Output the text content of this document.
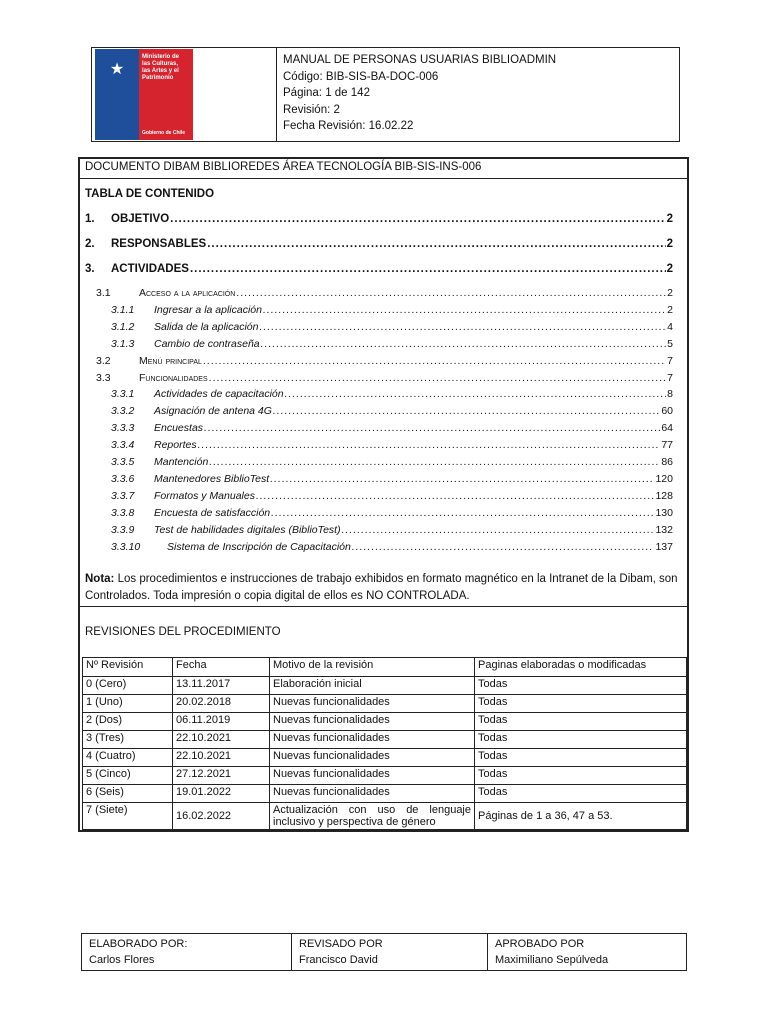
★
Ministerio de
las Culturas,
las Artes y el
Patrimonio
Gobierno de Chile
MANUAL DE PERSONAS USUARIAS BIBLIOADMIN
Código: BIB-SIS-BA-DOC-006
Página: 1 de 142
Revisión: 2
Fecha Revisión: 16.02.22
DOCUMENTO DIBAM BIBLIOREDES ÁREA TECNOLOGÍA BIB-SIS-INS-006
TABLA DE CONTENIDO
1.	OBJETIVO .....	2
2.	RESPONSABLES .....	2
3.	ACTIVIDADES .....	2
Nota: Los procedimientos e instrucciones de trabajo exhibidos en formato magnético en la Intranet de la Dibam, son Controlados. Toda impresión o copia digital de ellos es NO CONTROLADA.
REVISIONES DEL PROCEDIMIENTO
Nº Revisión	Fecha	Motivo de la revisión	Paginas elaboradas o modificadas
0 (Cero)	13.11.2017	Elaboración inicial	Todas
1 (Uno)	20.02.2018	Nuevas funcionalidades	Todas
2 (Dos)	06.11.2019	Nuevas funcionalidades	Todas
3 (Tres)	22.10.2021	Nuevas funcionalidades	Todas
4 (Cuatro)	22.10.2021	Nuevas funcionalidades	Todas
5 (Cinco)	27.12.2021	Nuevas funcionalidades	Todas
6 (Seis)	19.01.2022	Nuevas funcionalidades	Todas
7 (Siete)	16.02.2022	Actualización con uso de lenguaje inclusivo y perspectiva de género	Páginas de 1 a 36, 47 a 53.
3.1	Acceso a la aplicación .....	2
3.1.1	Ingresar a la aplicación .....	2
3.1.2	Salida de la aplicación .....	4
3.1.3	Cambio de contraseña .....	5
3.2	Menú principal .....	7
3.3	Funcionalidades .....	7
3.3.1	Actividades de capacitación .....	8
3.3.2	Asignación de antena 4G .....	60
3.3.3	Encuestas .....	64
3.3.4	Reportes .....	77
3.3.5	Mantención .....	86
3.3.6	Mantenedores BiblioTest .....	120
3.3.7	Formatos y Manuales .....	128
3.3.8	Encuesta de satisfacción .....	130
3.3.9	Test de habilidades digitales (BiblioTest) .....	132
3.3.10	Sistema de Inscripción de Capacitación .....	137
ELABORADO POR:
Carlos Flores

REVISADO POR
Francisco David

APROBADO POR
Maximiliano Sepúlveda
